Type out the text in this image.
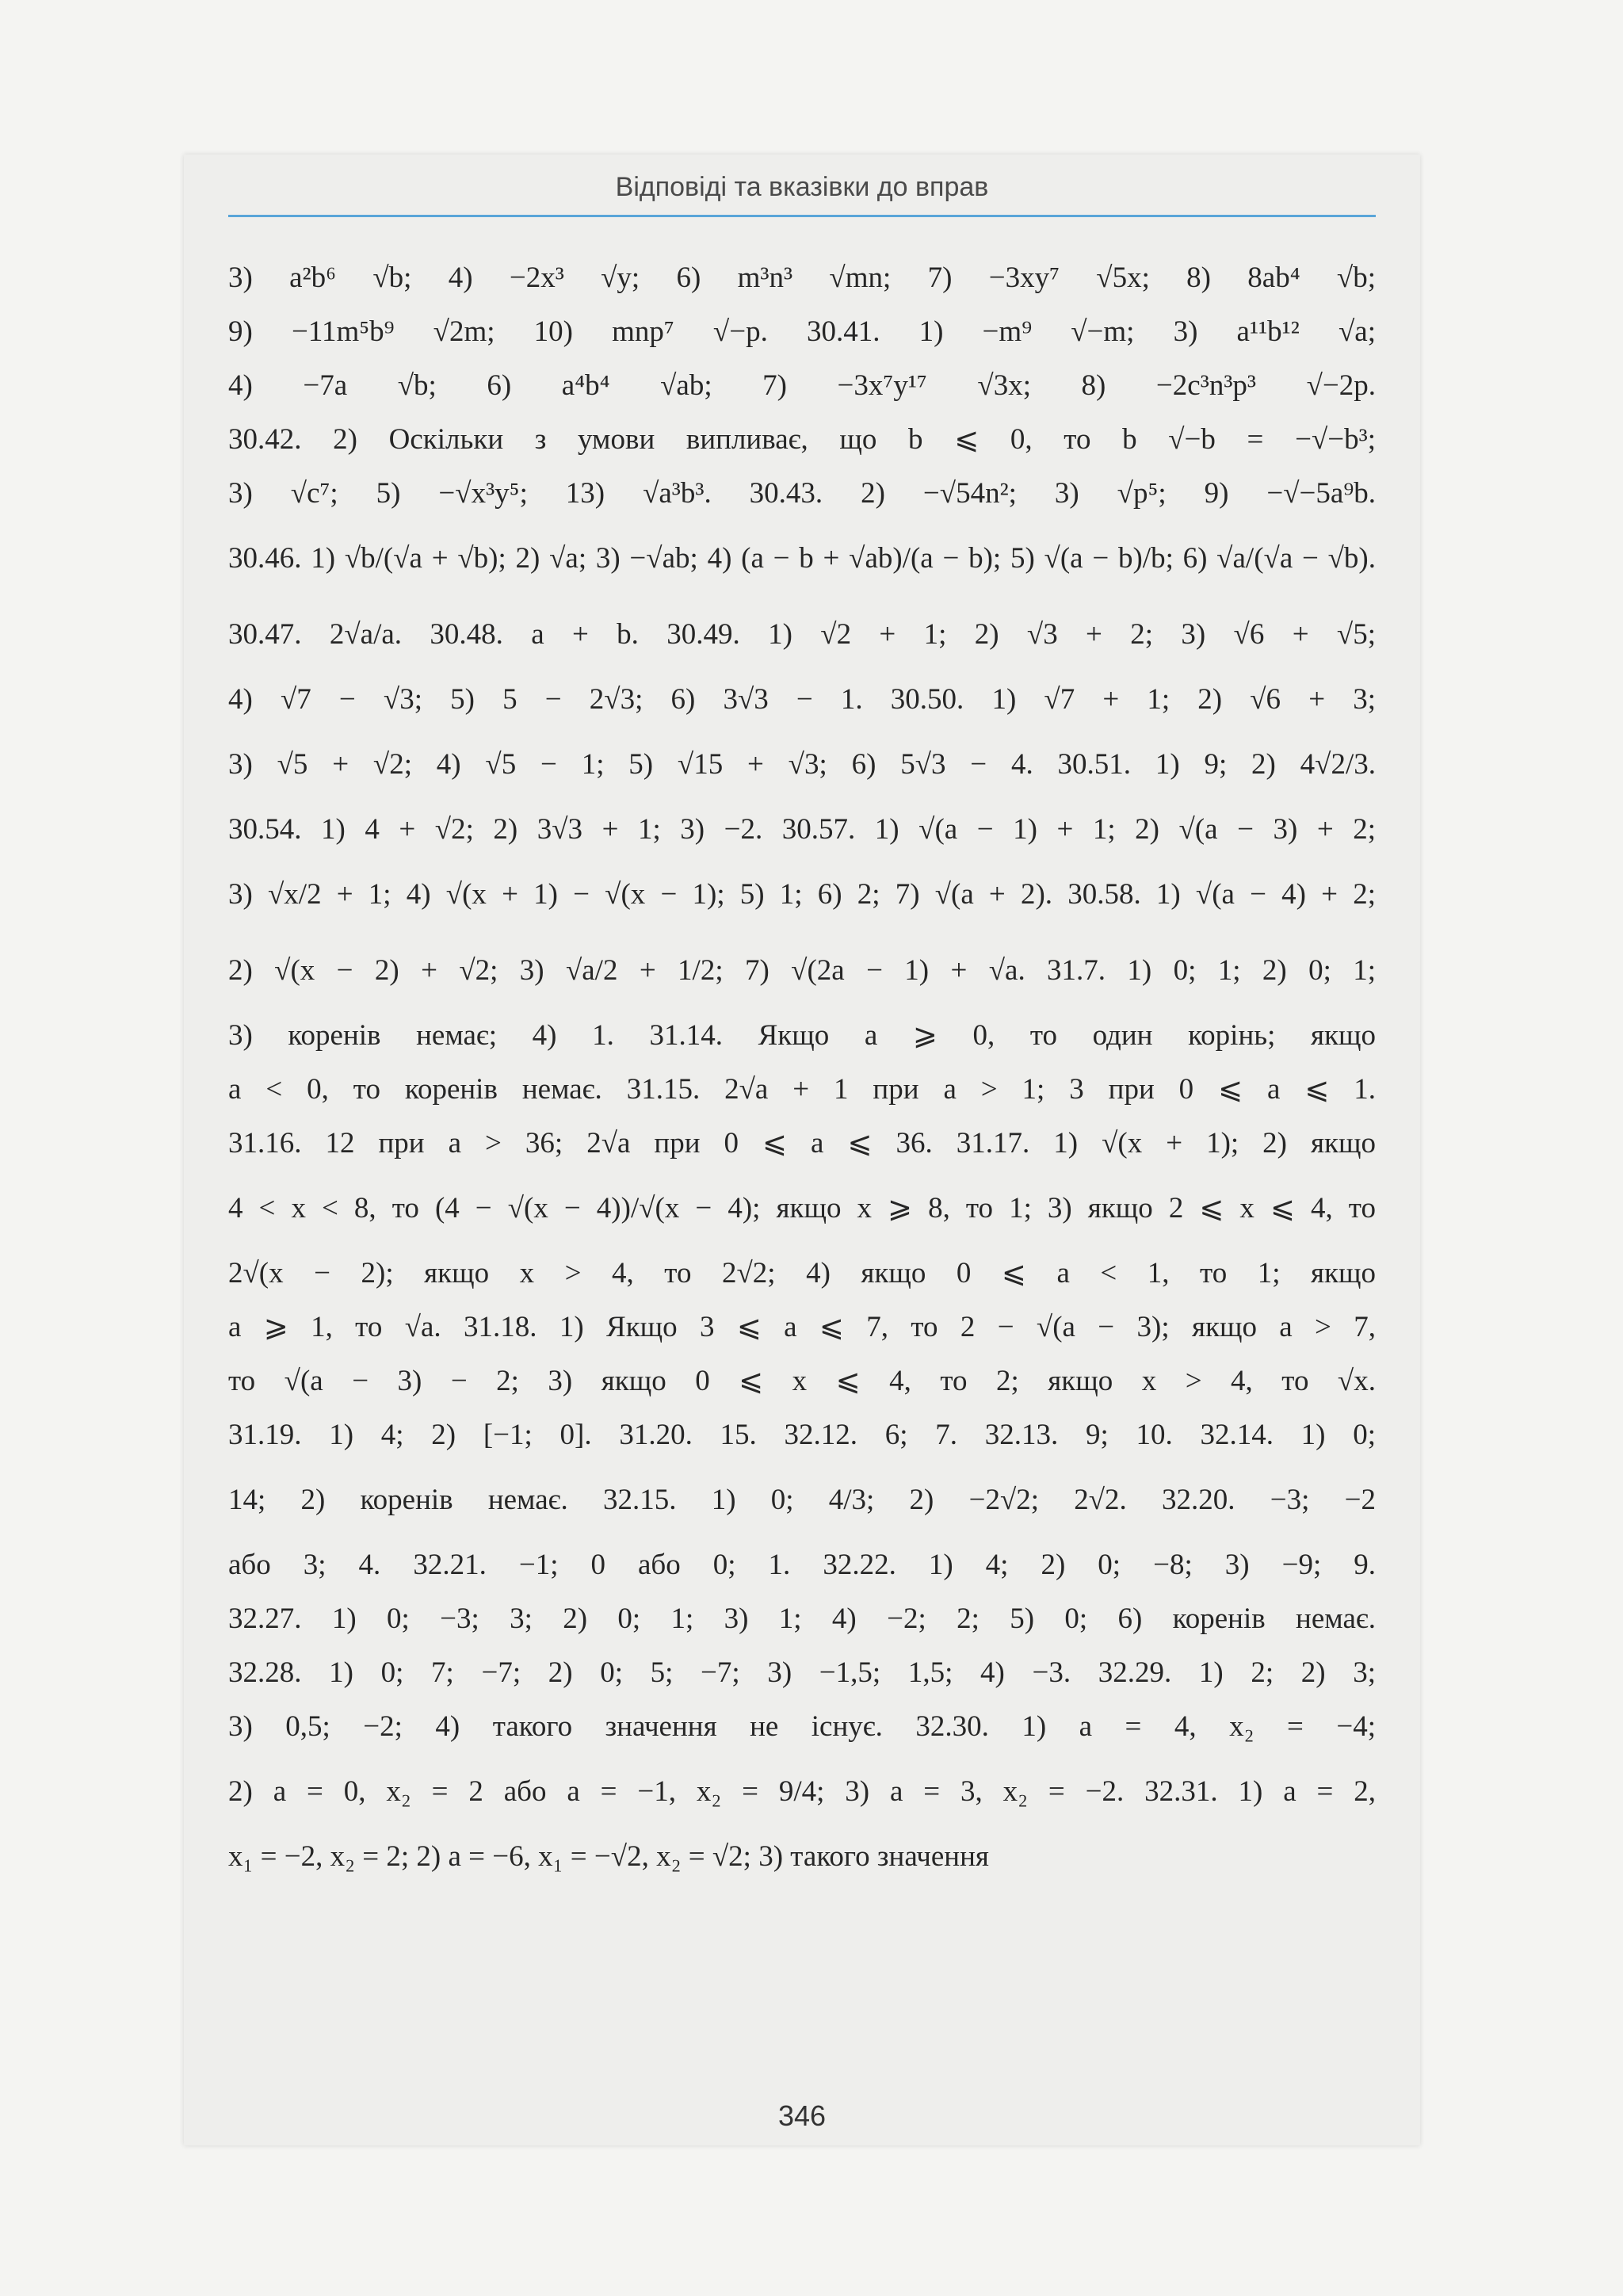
Відповіді та вказівки до вправ
3) a²b⁶ √b; 4) −2x³ √y; 6) m³n³ √mn; 7) −3xy⁷ √5x; 8) 8ab⁴ √b;
9) −11m⁵b⁹ √2m; 10) mnp⁷ √−p. 30.41. 1) −m⁹ √−m; 3) a¹¹b¹² √a;
4) −7a √b; 6) a⁴b⁴ √ab; 7) −3x⁷y¹⁷ √3x; 8) −2c³n³p³ √−2p.
30.42. 2) Оскільки з умови випливає, що b ⩽ 0, то b √−b = −√−b³;
3) √c⁷; 5) −√x³y⁵; 13) √a³b³. 30.43. 2) −√54n²; 3) √p⁵; 9) −√−5a⁹b.
30.46. 1) √b/(√a + √b); 2) √a; 3) −√ab; 4) (a − b + √ab)/(a − b); 5) √(a − b)/b; 6) √a/(√a − √b).
30.47. 2√a/a. 30.48. a + b. 30.49. 1) √2 + 1; 2) √3 + 2; 3) √6 + √5;
4) √7 − √3; 5) 5 − 2√3; 6) 3√3 − 1. 30.50. 1) √7 + 1; 2) √6 + 3;
3) √5 + √2; 4) √5 − 1; 5) √15 + √3; 6) 5√3 − 4. 30.51. 1) 9; 2) 4√2/3.
30.54. 1) 4 + √2; 2) 3√3 + 1; 3) −2. 30.57. 1) √(a − 1) + 1; 2) √(a − 3) + 2;
3) √x/2 + 1; 4) √(x + 1) − √(x − 1); 5) 1; 6) 2; 7) √(a + 2). 30.58. 1) √(a − 4) + 2;
2) √(x − 2) + √2; 3) √a/2 + 1/2; 7) √(2a − 1) + √a. 31.7. 1) 0; 1; 2) 0; 1;
3) коренів немає; 4) 1. 31.14. Якщо a ⩾ 0, то один корінь; якщо
a < 0, то коренів немає. 31.15. 2√a + 1 при a > 1; 3 при 0 ⩽ a ⩽ 1.
31.16. 12 при a > 36; 2√a при 0 ⩽ a ⩽ 36. 31.17. 1) √(x + 1); 2) якщо
4 < x < 8, то (4 − √(x − 4))/√(x − 4); якщо x ⩾ 8, то 1; 3) якщо 2 ⩽ x ⩽ 4, то
2√(x − 2); якщо x > 4, то 2√2; 4) якщо 0 ⩽ a < 1, то 1; якщо
a ⩾ 1, то √a. 31.18. 1) Якщо 3 ⩽ a ⩽ 7, то 2 − √(a − 3); якщо a > 7,
то √(a − 3) − 2; 3) якщо 0 ⩽ x ⩽ 4, то 2; якщо x > 4, то √x.
31.19. 1) 4; 2) [−1; 0]. 31.20. 15. 32.12. 6; 7. 32.13. 9; 10. 32.14. 1) 0;
14; 2) коренів немає. 32.15. 1) 0; 4/3; 2) −2√2; 2√2. 32.20. −3; −2
або 3; 4. 32.21. −1; 0 або 0; 1. 32.22. 1) 4; 2) 0; −8; 3) −9; 9.
32.27. 1) 0; −3; 3; 2) 0; 1; 3) 1; 4) −2; 2; 5) 0; 6) коренів немає.
32.28. 1) 0; 7; −7; 2) 0; 5; −7; 3) −1,5; 1,5; 4) −3. 32.29. 1) 2; 2) 3;
3) 0,5; −2; 4) такого значення не існує. 32.30. 1) a = 4, x₂ = −4;
2) a = 0, x₂ = 2 або a = −1, x₂ = 9/4; 3) a = 3, x₂ = −2. 32.31. 1) a = 2,
x₁ = −2, x₂ = 2; 2) a = −6, x₁ = −√2, x₂ = √2; 3) такого значення
346
